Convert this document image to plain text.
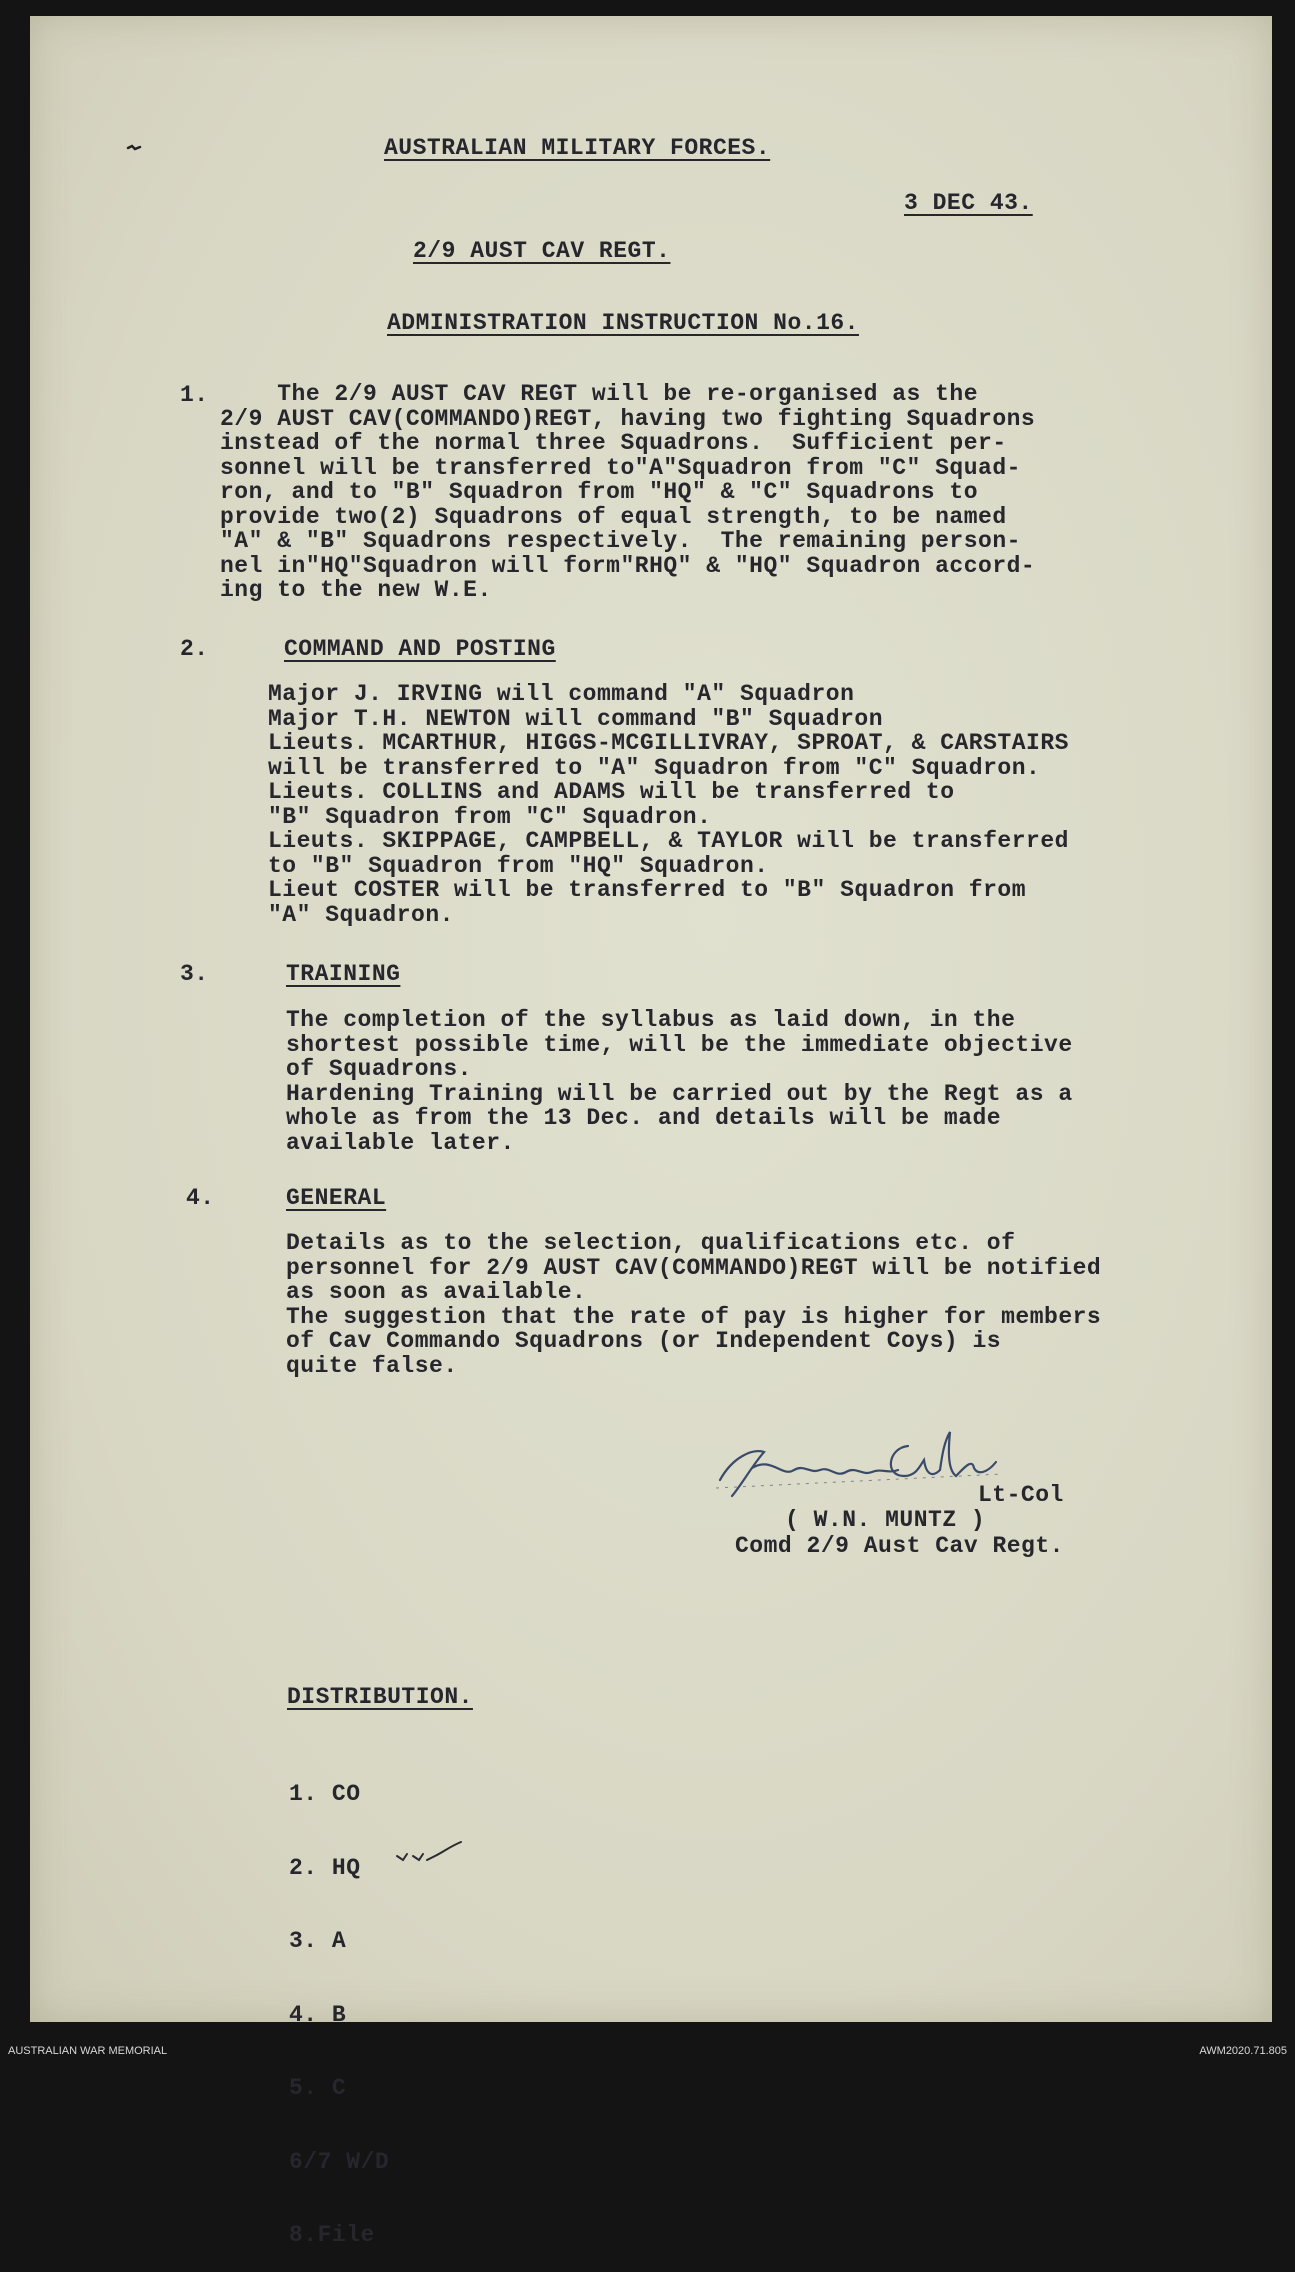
AUSTRALIAN MILITARY FORCES.

3 DEC 43.

2/9 AUST CAV REGT.

ADMINISTRATION INSTRUCTION No.16.

1.	The 2/9 AUST CAV REGT will be re-organised as the
2/9 AUST CAV(COMMANDO)REGT, having two fighting Squadrons
instead of the normal three Squadrons.  Sufficient per-
sonnel will be transferred to"A"Squadron from "C" Squad-
ron, and to "B" Squadron from "HQ" & "C" Squadrons to
provide two(2) Squadrons of equal strength, to be named
"A" & "B" Squadrons respectively.  The remaining person-
nel in"HQ"Squadron will form"RHQ" & "HQ" Squadron accord-
ing to the new W.E.

2.	COMMAND AND POSTING

Major J. IRVING will command "A" Squadron
Major T.H. NEWTON will command "B" Squadron
Lieuts. MCARTHUR, HIGGS-MCGILLIVRAY, SPROAT, & CARSTAIRS
will be transferred to "A" Squadron from "C" Squadron.
Lieuts. COLLINS and ADAMS will be transferred to
"B" Squadron from "C" Squadron.
Lieuts. SKIPPAGE, CAMPBELL, & TAYLOR will be transferred
to "B" Squadron from "HQ" Squadron.
Lieut COSTER will be transferred to "B" Squadron from
"A" Squadron.

3.	TRAINING

The completion of the syllabus as laid down, in the
shortest possible time, will be the immediate objective
of Squadrons.
Hardening Training will be carried out by the Regt as a
whole as from the 13 Dec. and details will be made
available later.

4.	GENERAL

Details as to the selection, qualifications etc. of
personnel for 2/9 AUST CAV(COMMANDO)REGT will be notified
as soon as available.
The suggestion that the rate of pay is higher for members
of Cav Commando Squadrons (or Independent Coys) is
quite false.

Lt-Col

( W.N. MUNTZ )

Comd 2/9 Aust Cav Regt.

DISTRIBUTION.

1. CO

2. HQ

3. A

4. B

5. C

6/7 W/D

8.File

AUSTRALIAN WAR MEMORIAL	AWM2020.71.805
